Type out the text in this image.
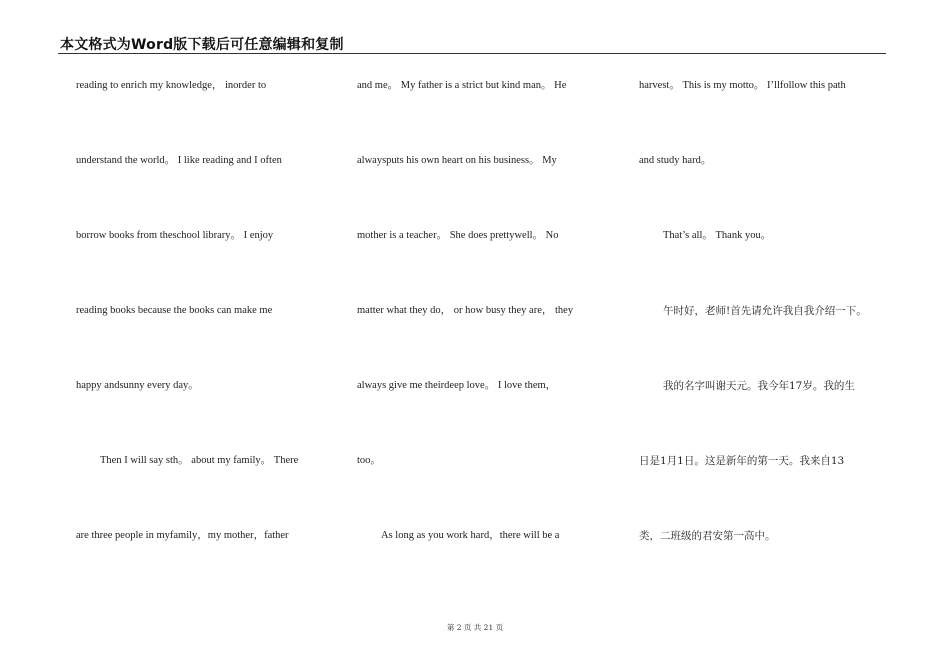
本文格式为Word版下载后可任意编辑和复制
reading to enrich my knowledge， inorder to
understand the world。 I like reading and I often
borrow books from theschool library。 I enjoy
reading books because the books can make me
happy andsunny every day。
Then I will say sth。 about my family。 There
are three people in myfamily，my mother，father
and me。 My father is a strict but kind man。 He
alwaysputs his own heart on his business。 My
mother is a teacher。 She does prettywell。 No
matter what they do， or how busy they are， they
always give me theirdeep love。 I love them，
too。
As long as you work hard，there will be a
harvest。 This is my motto。 I’llfollow this path
and study hard。
That’s all。 Thank you。
午时好，老师!首先请允许我自我介绍一下。
我的名字叫谢天元。我今年17岁。我的生
日是1月1日。这是新年的第一天。我来自13
类，二班级的君安第一高中。
第 2 页 共 21 页
